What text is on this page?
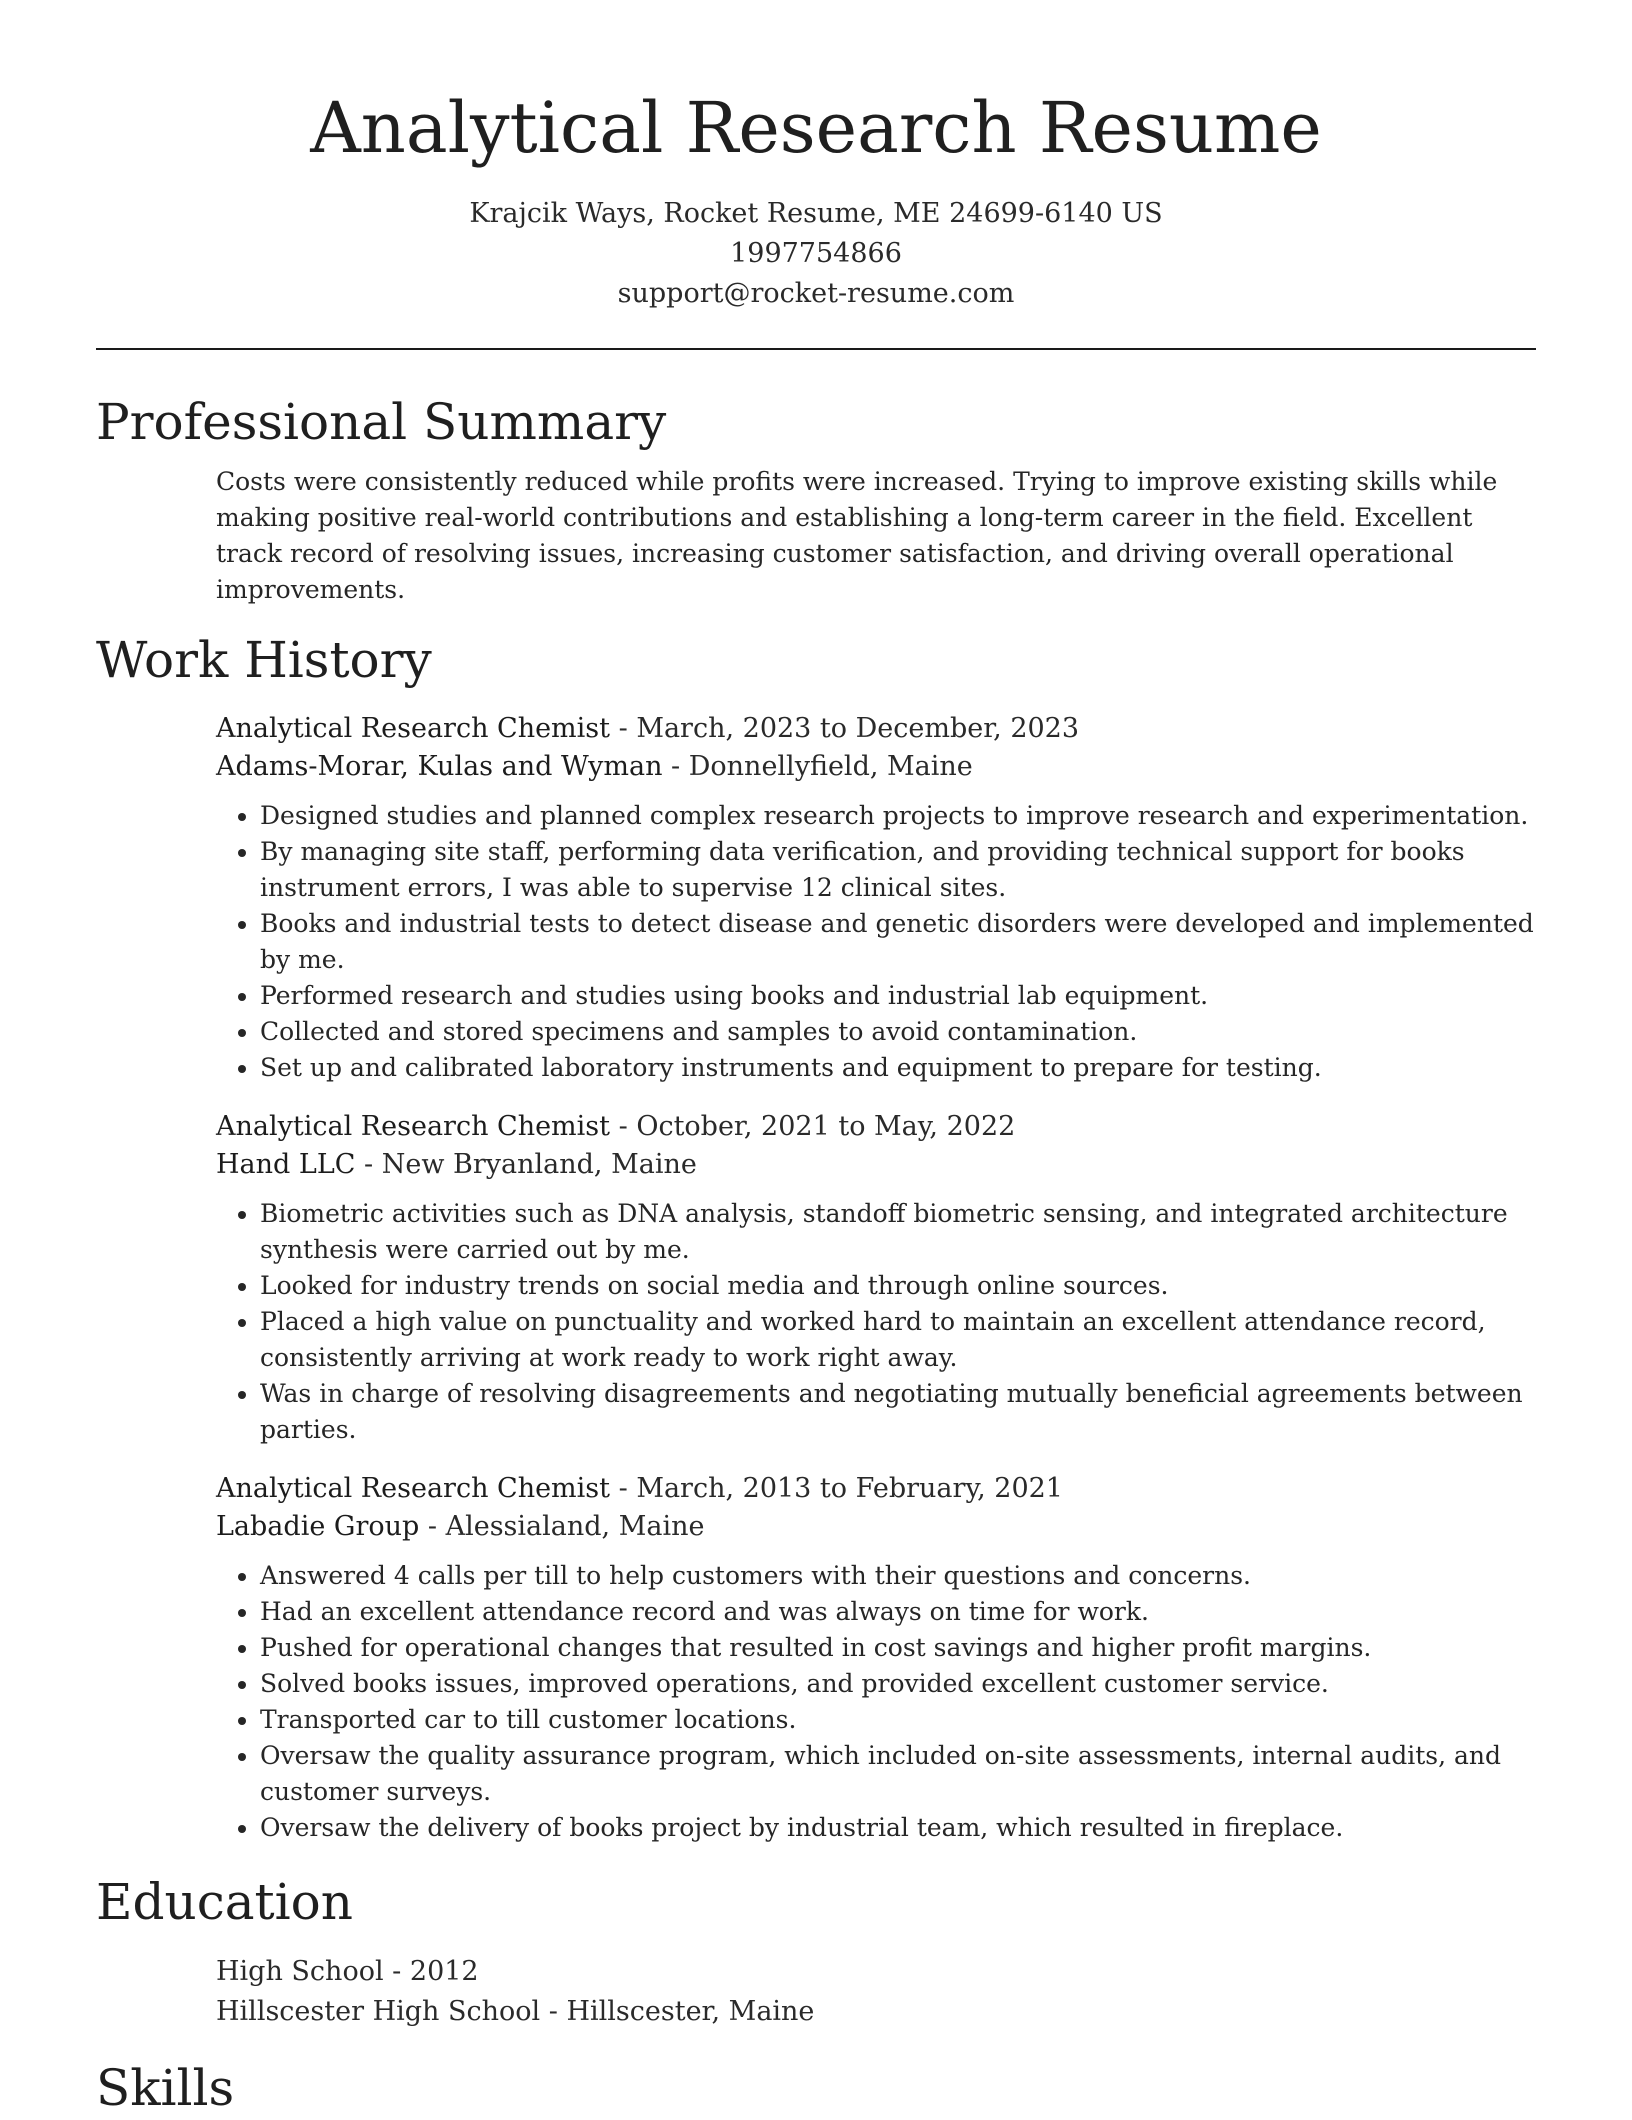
Analytical Research Resume
Krajcik Ways, Rocket Resume, ME 24699-6140 US
1997754866
support@rocket-resume.com
Professional Summary

Costs were consistently reduced while profits were increased. Trying to improve existing skills while making positive real-world contributions and establishing a long-term career in the field. Excellent track record of resolving issues, increasing customer satisfaction, and driving overall operational improvements.

Work History
Analytical Research Chemist - March, 2023 to December, 2023
Adams-Morar, Kulas and Wyman - Donnellyfield, Maine
• Designed studies and planned complex research projects to improve research and experimentation.
• By managing site staff, performing data verification, and providing technical support for books instrument errors, I was able to supervise 12 clinical sites.
• Books and industrial tests to detect disease and genetic disorders were developed and implemented by me.
• Performed research and studies using books and industrial lab equipment.
• Collected and stored specimens and samples to avoid contamination.
• Set up and calibrated laboratory instruments and equipment to prepare for testing.
Analytical Research Chemist - October, 2021 to May, 2022
Hand LLC - New Bryanland, Maine
• Biometric activities such as DNA analysis, standoff biometric sensing, and integrated architecture synthesis were carried out by me.
• Looked for industry trends on social media and through online sources.
• Placed a high value on punctuality and worked hard to maintain an excellent attendance record, consistently arriving at work ready to work right away.
• Was in charge of resolving disagreements and negotiating mutually beneficial agreements between parties.
Analytical Research Chemist - March, 2013 to February, 2021
Labadie Group - Alessialand, Maine
• Answered 4 calls per till to help customers with their questions and concerns.
• Had an excellent attendance record and was always on time for work.
• Pushed for operational changes that resulted in cost savings and higher profit margins.
• Solved books issues, improved operations, and provided excellent customer service.
• Transported car to till customer locations.
• Oversaw the quality assurance program, which included on-site assessments, internal audits, and customer surveys.
• Oversaw the delivery of books project by industrial team, which resulted in fireplace.
Education
High School - 2012
Hillscester High School - Hillscester, Maine
Skills
